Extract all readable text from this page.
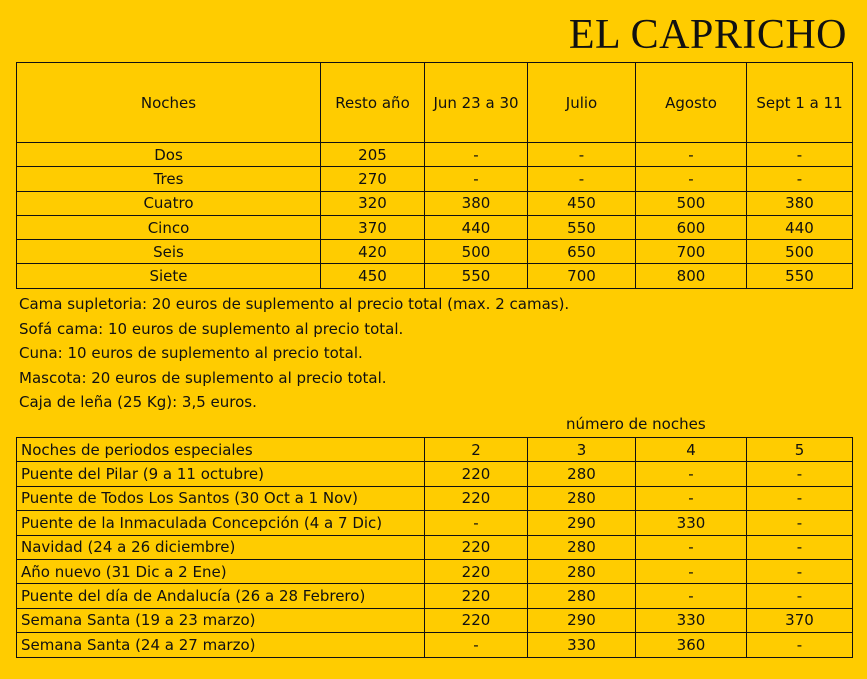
EL CAPRICHO
Noches	Resto año	Jun 23 a 30	Julio	Agosto	Sept 1 a 11
Dos	205	-	-	-	-
Tres	270	-	-	-	-
Cuatro	320	380	450	500	380
Cinco	370	440	550	600	440
Seis	420	500	650	700	500
Siete	450	550	700	800	550
Cama supletoria: 20 euros de suplemento al precio total (max. 2 camas).
Sofá cama: 10 euros de suplemento al precio total.
Cuna: 10 euros de suplemento al precio total.
Mascota: 20 euros de suplemento al precio total.
Caja de leña (25 Kg): 3,5 euros.
número de noches
Noches de periodos especiales	2	3	4	5
Puente del Pilar (9 a 11 octubre)	220	280	-	-
Puente de Todos Los Santos (30 Oct a 1 Nov)	220	280	-	-
Puente de la Inmaculada Concepción (4 a 7 Dic)	-	290	330	-
Navidad (24 a 26 diciembre)	220	280	-	-
Año nuevo (31 Dic a 2 Ene)	220	280	-	-
Puente del día de Andalucía (26 a 28 Febrero)	220	280	-	-
Semana Santa (19 a 23 marzo)	220	290	330	370
Semana Santa (24 a 27 marzo)	-	330	360	-
